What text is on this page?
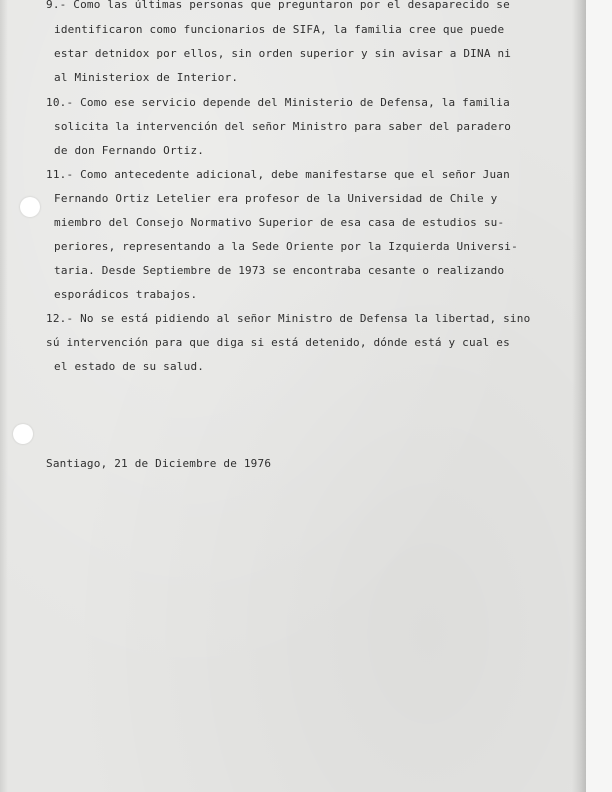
9.- Como las últimas personas que preguntaron por el desaparecido se
identificaron como funcionarios de SIFA, la familia cree que puede
estar detnidox por ellos, sin orden superior y sin avisar a DINA ni
al Ministeriox de Interior.
10.- Como ese servicio depende del Ministerio de Defensa, la familia
solicita la intervención del señor Ministro para saber del paradero
de don Fernando Ortiz.
11.- Como antecedente adicional, debe manifestarse que el señor Juan
Fernando Ortiz Letelier era profesor de la Universidad de Chile y
miembro del Consejo Normativo Superior de esa casa de estudios su-
periores, representando a la Sede Oriente por la Izquierda Universi-
taria. Desde Septiembre de 1973 se encontraba cesante o realizando
esporádicos trabajos.
12.- No se está pidiendo al señor Ministro de Defensa la libertad, sino
sú intervención para que diga si está detenido, dónde está y cual es
el estado de su salud.
Santiago, 21 de Diciembre de 1976
